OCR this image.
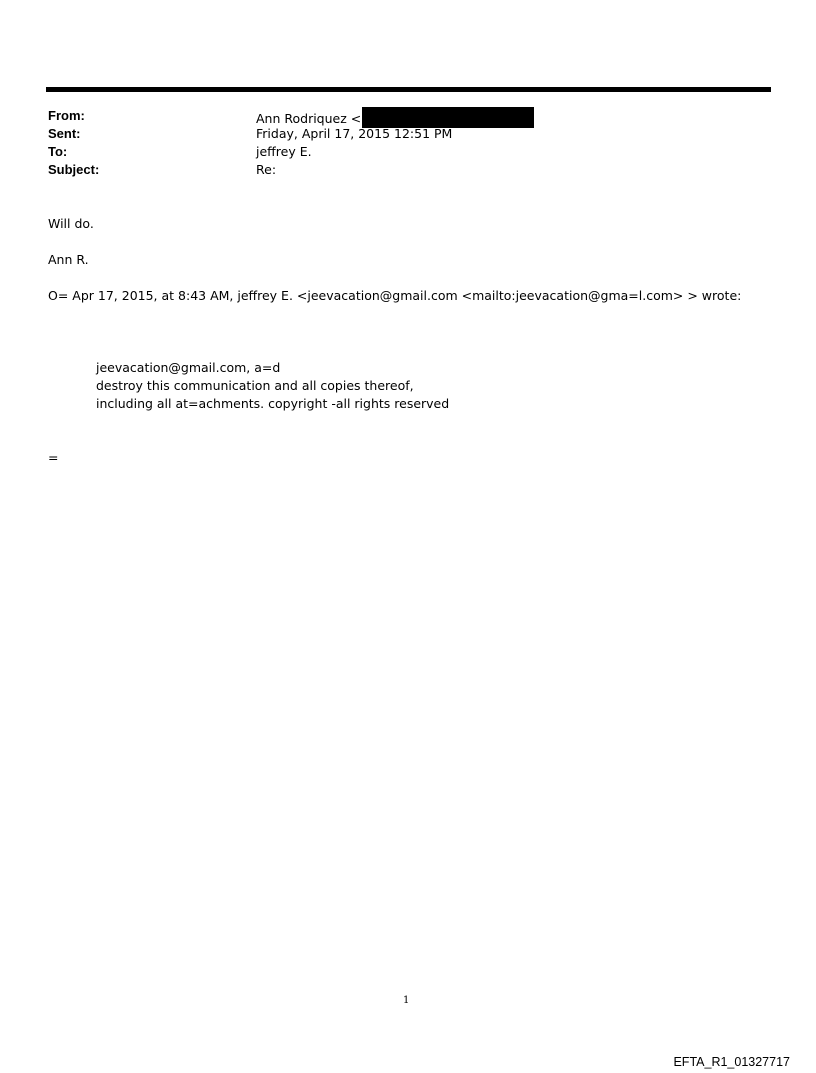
From:	Ann Rodriquez <
Sent:	Friday, April 17, 2015 12:51 PM
To:	jeffrey E.
Subject:	Re:
Will do.
Ann R.
O= Apr 17, 2015, at 8:43 AM, jeffrey E. <jeevacation@gmail.com <mailto:jeevacation@gma=l.com> > wrote:
jeevacation@gmail.com, a=d
destroy this communication and all copies thereof,
including all at=achments. copyright -all rights reserved
=
1
EFTA_R1_01327717
